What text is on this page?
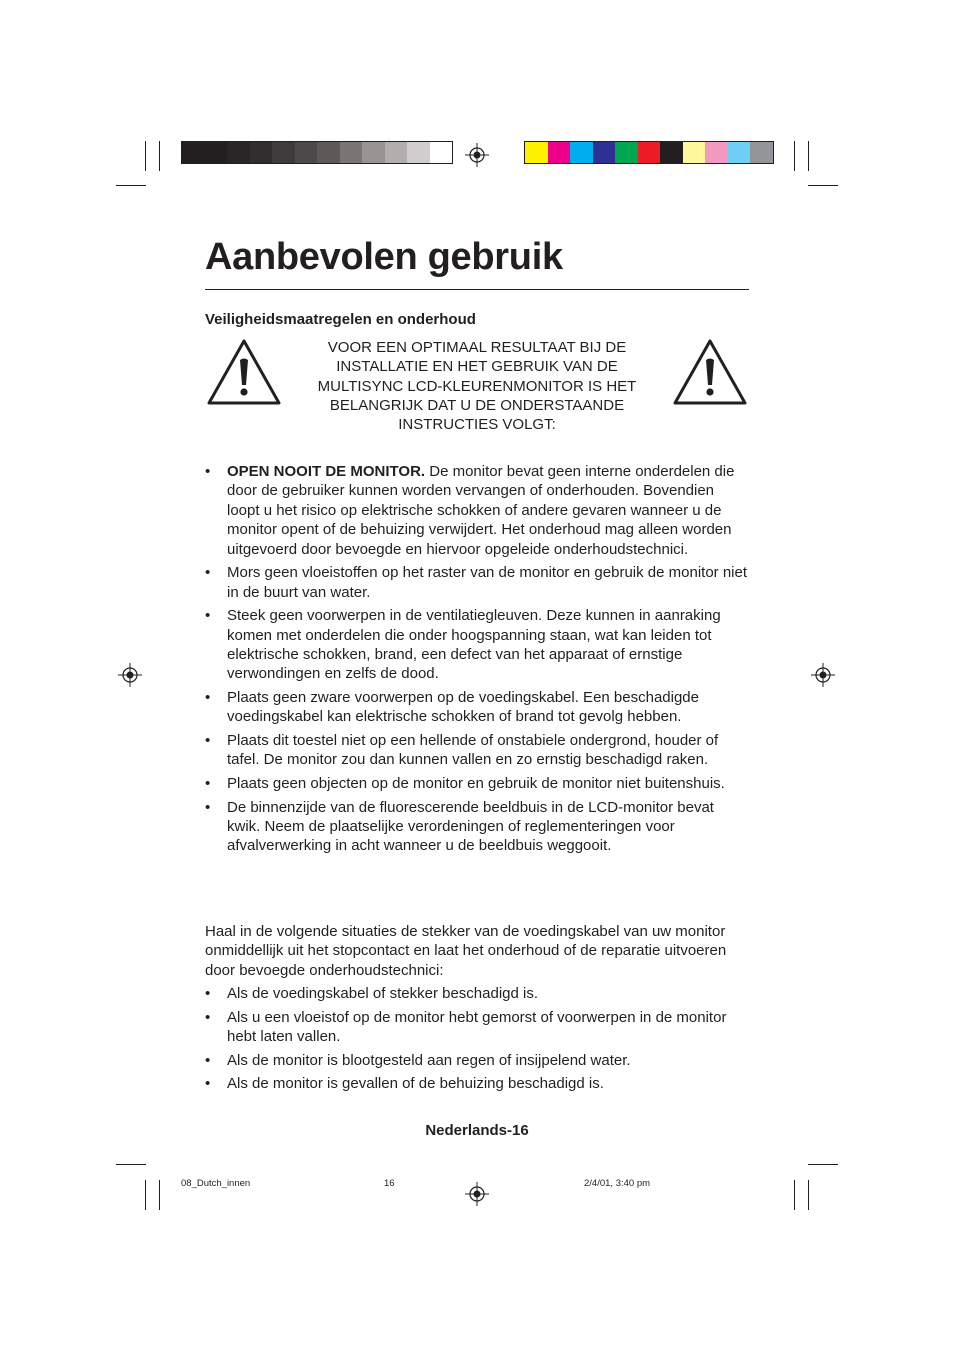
Aanbevolen gebruik
Veiligheidsmaatregelen en onderhoud
VOOR EEN OPTIMAAL RESULTAAT BIJ DE INSTALLATIE EN HET GEBRUIK VAN DE MULTISYNC LCD-KLEURENMONITOR IS HET BELANGRIJK DAT U DE ONDERSTAANDE INSTRUCTIES VOLGT:
• OPEN NOOIT DE MONITOR. De monitor bevat geen interne onderdelen die door de gebruiker kunnen worden vervangen of onderhouden. Bovendien loopt u het risico op elektrische schokken of andere gevaren wanneer u de monitor opent of de behuizing verwijdert. Het onderhoud mag alleen worden uitgevoerd door bevoegde en hiervoor opgeleide onderhoudstechnici.
• Mors geen vloeistoffen op het raster van de monitor en gebruik de monitor niet in de buurt van water.
• Steek geen voorwerpen in de ventilatiegleuven. Deze kunnen in aanraking komen met onderdelen die onder hoogspanning staan, wat kan leiden tot elektrische schokken, brand, een defect van het apparaat of ernstige verwondingen en zelfs de dood.
• Plaats geen zware voorwerpen op de voedingskabel. Een beschadigde voedingskabel kan elektrische schokken of brand tot gevolg hebben.
• Plaats dit toestel niet op een hellende of onstabiele ondergrond, houder of tafel. De monitor zou dan kunnen vallen en zo ernstig beschadigd raken.
• Plaats geen objecten op de monitor en gebruik de monitor niet buitenshuis.
• De binnenzijde van de fluorescerende beeldbuis in de LCD-monitor bevat kwik. Neem de plaatselijke verordeningen of reglementeringen voor afvalverwerking in acht wanneer u de beeldbuis weggooit.

Haal in de volgende situaties de stekker van de voedingskabel van uw monitor onmiddellijk uit het stopcontact en laat het onderhoud of de reparatie uitvoeren door bevoegde onderhoudstechnici:

• Als de voedingskabel of stekker beschadigd is.
• Als u een vloeistof op de monitor hebt gemorst of voorwerpen in de monitor hebt laten vallen.
• Als de monitor is blootgesteld aan regen of insijpelend water.
• Als de monitor is gevallen of de behuizing beschadigd is.
Nederlands-16
08_Dutch_innen	16	2/4/01, 3:40 pm
